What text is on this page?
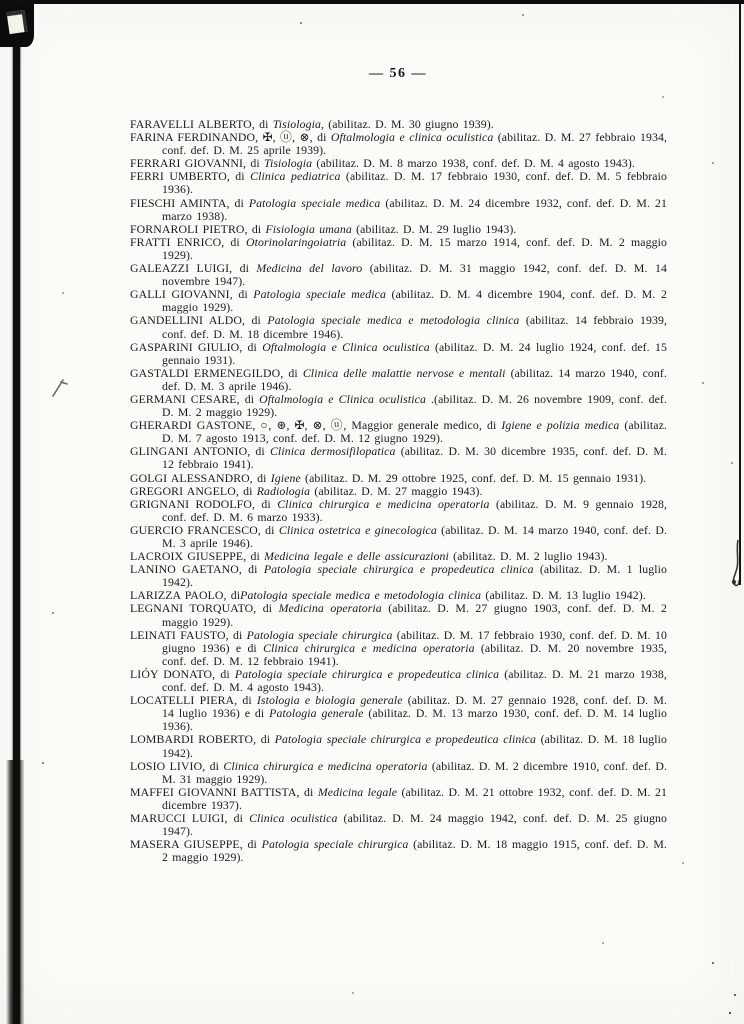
— 56 —

FARAVELLI ALBERTO, di Tisiologia, (abilitaz. D. M. 30 giugno 1939).

FARINA FERDINANDO, ✠, ⓤ, ⊗, di Oftalmologia e clinica oculistica (abilitaz. D. M. 27 febbraio 1934, conf. def. D. M. 25 aprile 1939).

FERRARI GIOVANNI, di Tisiologia (abilitaz. D. M. 8 marzo 1938, conf. def. D. M. 4 agosto 1943).

FERRI UMBERTO, di Clinica pediatrica (abilitaz. D. M. 17 febbraio 1930, conf. def. D. M. 5 febbraio 1936).

FIESCHI AMINTA, di Patologia speciale medica (abilitaz. D. M. 24 dicembre 1932, conf. def. D. M. 21 marzo 1938).

FORNAROLI PIETRO, di Fisiologia umana (abilitaz. D. M. 29 luglio 1943).

FRATTI ENRICO, di Otorinolaringoiatria (abilitaz. D. M. 15 marzo 1914, conf. def. D. M. 2 maggio 1929).

GALEAZZI LUIGI, di Medicina del lavoro (abilitaz. D. M. 31 maggio 1942, conf. def. D. M. 14 novembre 1947).

GALLI GIOVANNI, di Patologia speciale medica (abilitaz. D. M. 4 dicembre 1904, conf. def. D. M. 2 maggio 1929).

GANDELLINI ALDO, di Patologia speciale medica e metodologia clinica (abilitaz. 14 febbraio 1939, conf. def. D. M. 18 dicembre 1946).

GASPARINI GIULIO, di Oftalmologia e Clinica oculistica (abilitaz. D. M. 24 luglio 1924, conf. def. 15 gennaio 1931).

GASTALDI ERMENEGILDO, di Clinica delle malattie nervose e mentali (abilitaz. 14 marzo 1940, conf. def. D. M. 3 aprile 1946).

GERMANI CESARE, di Oftalmologia e Clinica oculistica .(abilitaz. D. M. 26 novembre 1909, conf. def. D. M. 2 maggio 1929).

GHERARDI GASTONE, ○, ⊛, ✠, ⊗, ⓤ, Maggior generale medico, di Igiene e polizia medica (abilitaz. D. M. 7 agosto 1913, conf. def. D. M. 12 giugno 1929).

GLINGANI ANTONIO, di Clinica dermosifilopatica (abilitaz. D. M. 30 dicembre 1935, conf. def. D. M. 12 febbraio 1941).

GOLGI ALESSANDRO, di Igiene (abilitaz. D. M. 29 ottobre 1925, conf. def. D. M. 15 gennaio 1931).

GREGORI ANGELO, di Radiologia (abilitaz. D. M. 27 maggio 1943).

GRIGNANI RODOLFO, di Clinica chirurgica e medicina operatoria (abilitaz. D. M. 9 gennaio 1928, conf. def. D. M. 6 marzo 1933).

GUERCIO FRANCESCO, di Clinica ostetrica e ginecologica (abilitaz. D. M. 14 marzo 1940, conf. def. D. M. 3 aprile 1946).

LACROIX GIUSEPPE, di Medicina legale e delle assicurazioni (abilitaz. D. M. 2 luglio 1943).

LANINO GAETANO, di Patologia speciale chirurgica e propedeutica clinica (abilitaz. D. M. 1 luglio 1942).

LARIZZA PAOLO, diPatologia speciale medica e metodologia clinica (abilitaz. D. M. 13 luglio 1942).

LEGNANI TORQUATO, di Medicina operatoria (abilitaz. D. M. 27 giugno 1903, conf. def. D. M. 2 maggio 1929).

LEINATI FAUSTO, di Patologia speciale chirurgica (abilitaz. D. M. 17 febbraio 1930, conf. def. D. M. 10 giugno 1936) e di Clinica chirurgica e medicina operatoria (abilitaz. D. M. 20 novembre 1935, conf. def. D. M. 12 febbraio 1941).

LIÓY DONATO, di Patologia speciale chirurgica e propedeutica clinica (abilitaz. D. M. 21 marzo 1938, conf. def. D. M. 4 agosto 1943).

LOCATELLI PIERA, di Istologia e biologia generale (abilitaz. D. M. 27 gennaio 1928, conf. def. D. M. 14 luglio 1936) e di Patologia generale (abilitaz. D. M. 13 marzo 1930, conf. def. D. M. 14 luglio 1936).

LOMBARDI ROBERTO, di Patologia speciale chirurgica e propedeutica clinica (abilitaz. D. M. 18 luglio 1942).

LOSIO LIVIO, di Clinica chirurgica e medicina operatoria (abilitaz. D. M. 2 dicembre 1910, conf. def. D. M. 31 maggio 1929).

MAFFEI GIOVANNI BATTISTA, di Medicina legale (abilitaz. D. M. 21 ottobre 1932, conf. def. D. M. 21 dicembre 1937).

MARUCCI LUIGI, di Clinica oculistica (abilitaz. D. M. 24 maggio 1942, conf. def. D. M. 25 giugno 1947).

MASERA GIUSEPPE, di Patologia speciale chirurgica (abilitaz. D. M. 18 maggio 1915, conf. def. D. M. 2 maggio 1929).
